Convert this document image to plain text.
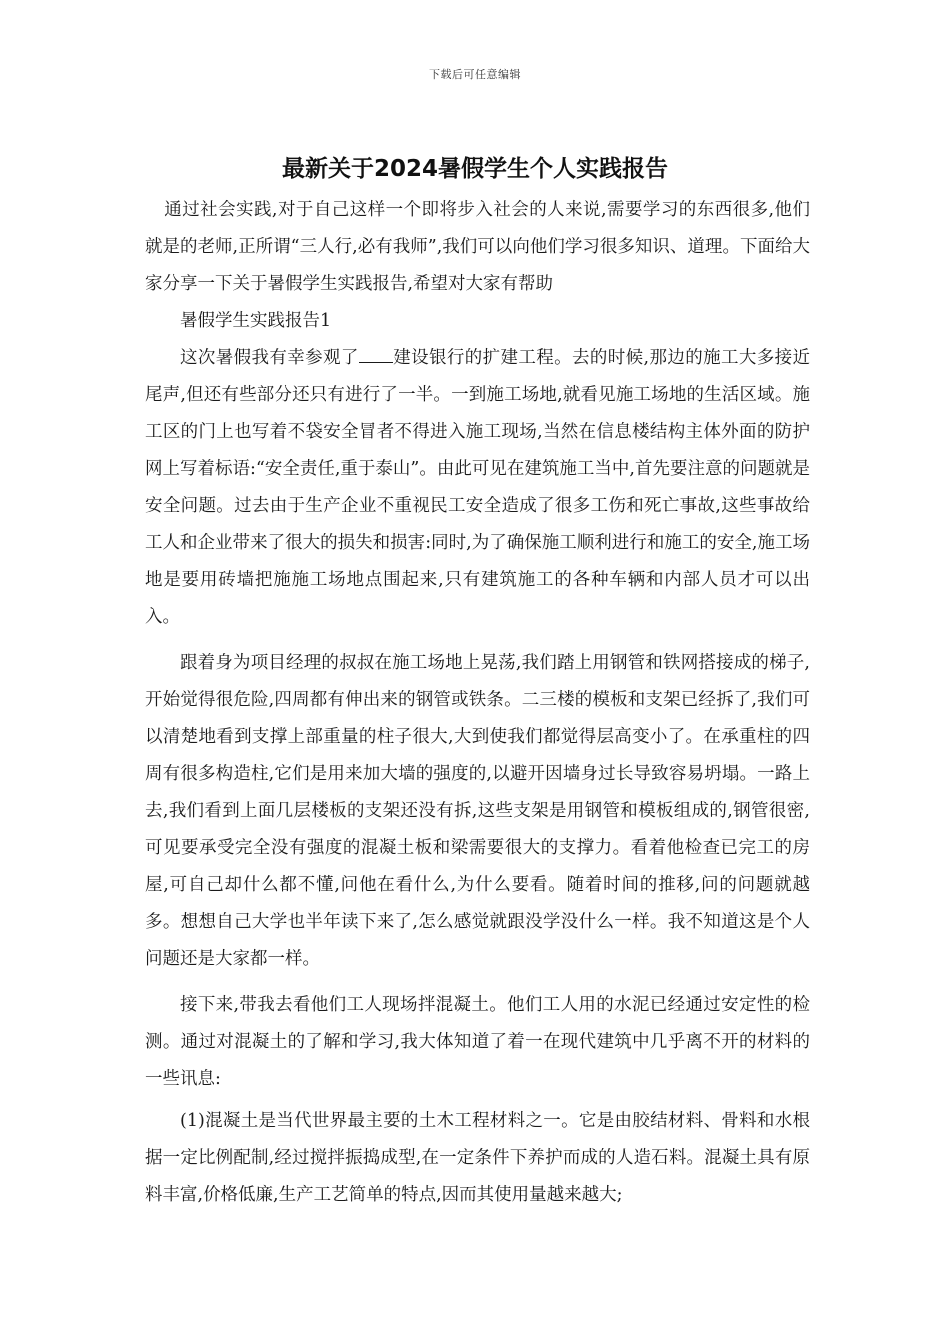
下载后可任意编辑
最新关于2024暑假学生个人实践报告

通过社会实践,对于自己这样一个即将步入社会的人来说,需要学习的东西很多,他们就是的老师,正所谓“三人行,必有我师”,我们可以向他们学习很多知识、道理。下面给大家分享一下关于暑假学生实践报告,希望对大家有帮助

暑假学生实践报告1

这次暑假我有幸参观了 建设银行的扩建工程。去的时候,那边的施工大多接近尾声,但还有些部分还只有进行了一半。一到施工场地,就看见施工场地的生活区域。施工区的门上也写着不袋安全冒者不得进入施工现场,当然在信息楼结构主体外面的防护网上写着标语:“安全责任,重于泰山”。由此可见在建筑施工当中,首先要注意的问题就是安全问题。过去由于生产企业不重视民工安全造成了很多工伤和死亡事故,这些事故给工人和企业带来了很大的损失和损害:同时,为了确保施工顺利进行和施工的安全,施工场地是要用砖墙把施施工场地点围起来,只有建筑施工的各种车辆和内部人员才可以出入。

跟着身为项目经理的叔叔在施工场地上晃荡,我们踏上用钢管和铁网搭接成的梯子,开始觉得很危险,四周都有伸出来的钢管或铁条。二三楼的模板和支架已经拆了,我们可以清楚地看到支撑上部重量的柱子很大,大到使我们都觉得层高变小了。在承重柱的四周有很多构造柱,它们是用来加大墙的强度的,以避开因墙身过长导致容易坍塌。一路上去,我们看到上面几层楼板的支架还没有拆,这些支架是用钢管和模板组成的,钢管很密,可见要承受完全没有强度的混凝土板和梁需要很大的支撑力。看着他检查已完工的房屋,可自己却什么都不懂,问他在看什么,为什么要看。随着时间的推移,问的问题就越多。想想自己大学也半年读下来了,怎么感觉就跟没学没什么一样。我不知道这是个人问题还是大家都一样。

接下来,带我去看他们工人现场拌混凝土。他们工人用的水泥已经通过安定性的检测。通过对混凝土的了解和学习,我大体知道了着一在现代建筑中几乎离不开的材料的一些讯息:

(1)混凝土是当代世界最主要的土木工程材料之一。它是由胶结材料、骨料和水根据一定比例配制,经过搅拌振捣成型,在一定条件下养护而成的人造石料。混凝土具有原料丰富,价格低廉,生产工艺简单的特点,因而其使用量越来越大;
